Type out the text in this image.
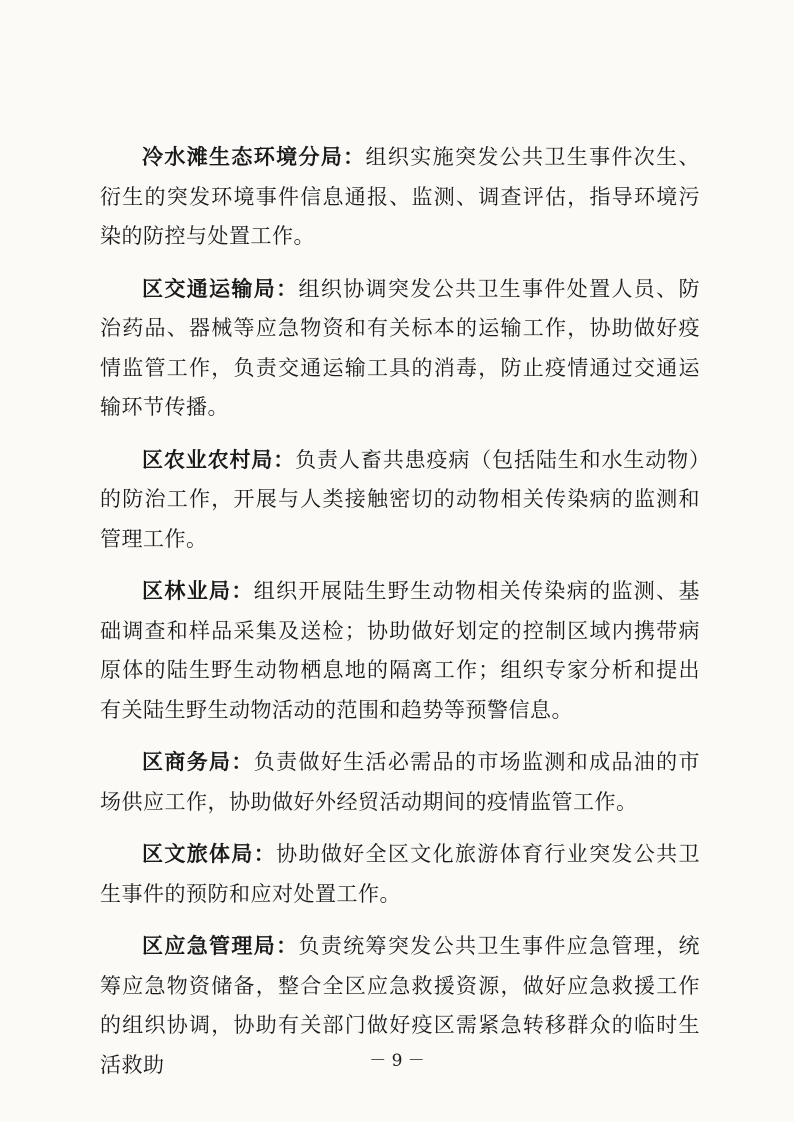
冷水滩生态环境分局：组织实施突发公共卫生事件次生、衍生的突发环境事件信息通报、监测、调查评估，指导环境污染的防控与处置工作。

区交通运输局：组织协调突发公共卫生事件处置人员、防治药品、器械等应急物资和有关标本的运输工作，协助做好疫情监管工作，负责交通运输工具的消毒，防止疫情通过交通运输环节传播。

区农业农村局：负责人畜共患疫病（包括陆生和水生动物）的防治工作，开展与人类接触密切的动物相关传染病的监测和管理工作。

区林业局：组织开展陆生野生动物相关传染病的监测、基础调查和样品采集及送检；协助做好划定的控制区域内携带病原体的陆生野生动物栖息地的隔离工作；组织专家分析和提出有关陆生野生动物活动的范围和趋势等预警信息。

区商务局：负责做好生活必需品的市场监测和成品油的市场供应工作，协助做好外经贸活动期间的疫情监管工作。

区文旅体局：协助做好全区文化旅游体育行业突发公共卫生事件的预防和应对处置工作。

区应急管理局：负责统筹突发公共卫生事件应急管理，统筹应急物资储备，整合全区应急救援资源，做好应急救援工作的组织协调，协助有关部门做好疫区需紧急转移群众的临时生活救助	－ 9 －
